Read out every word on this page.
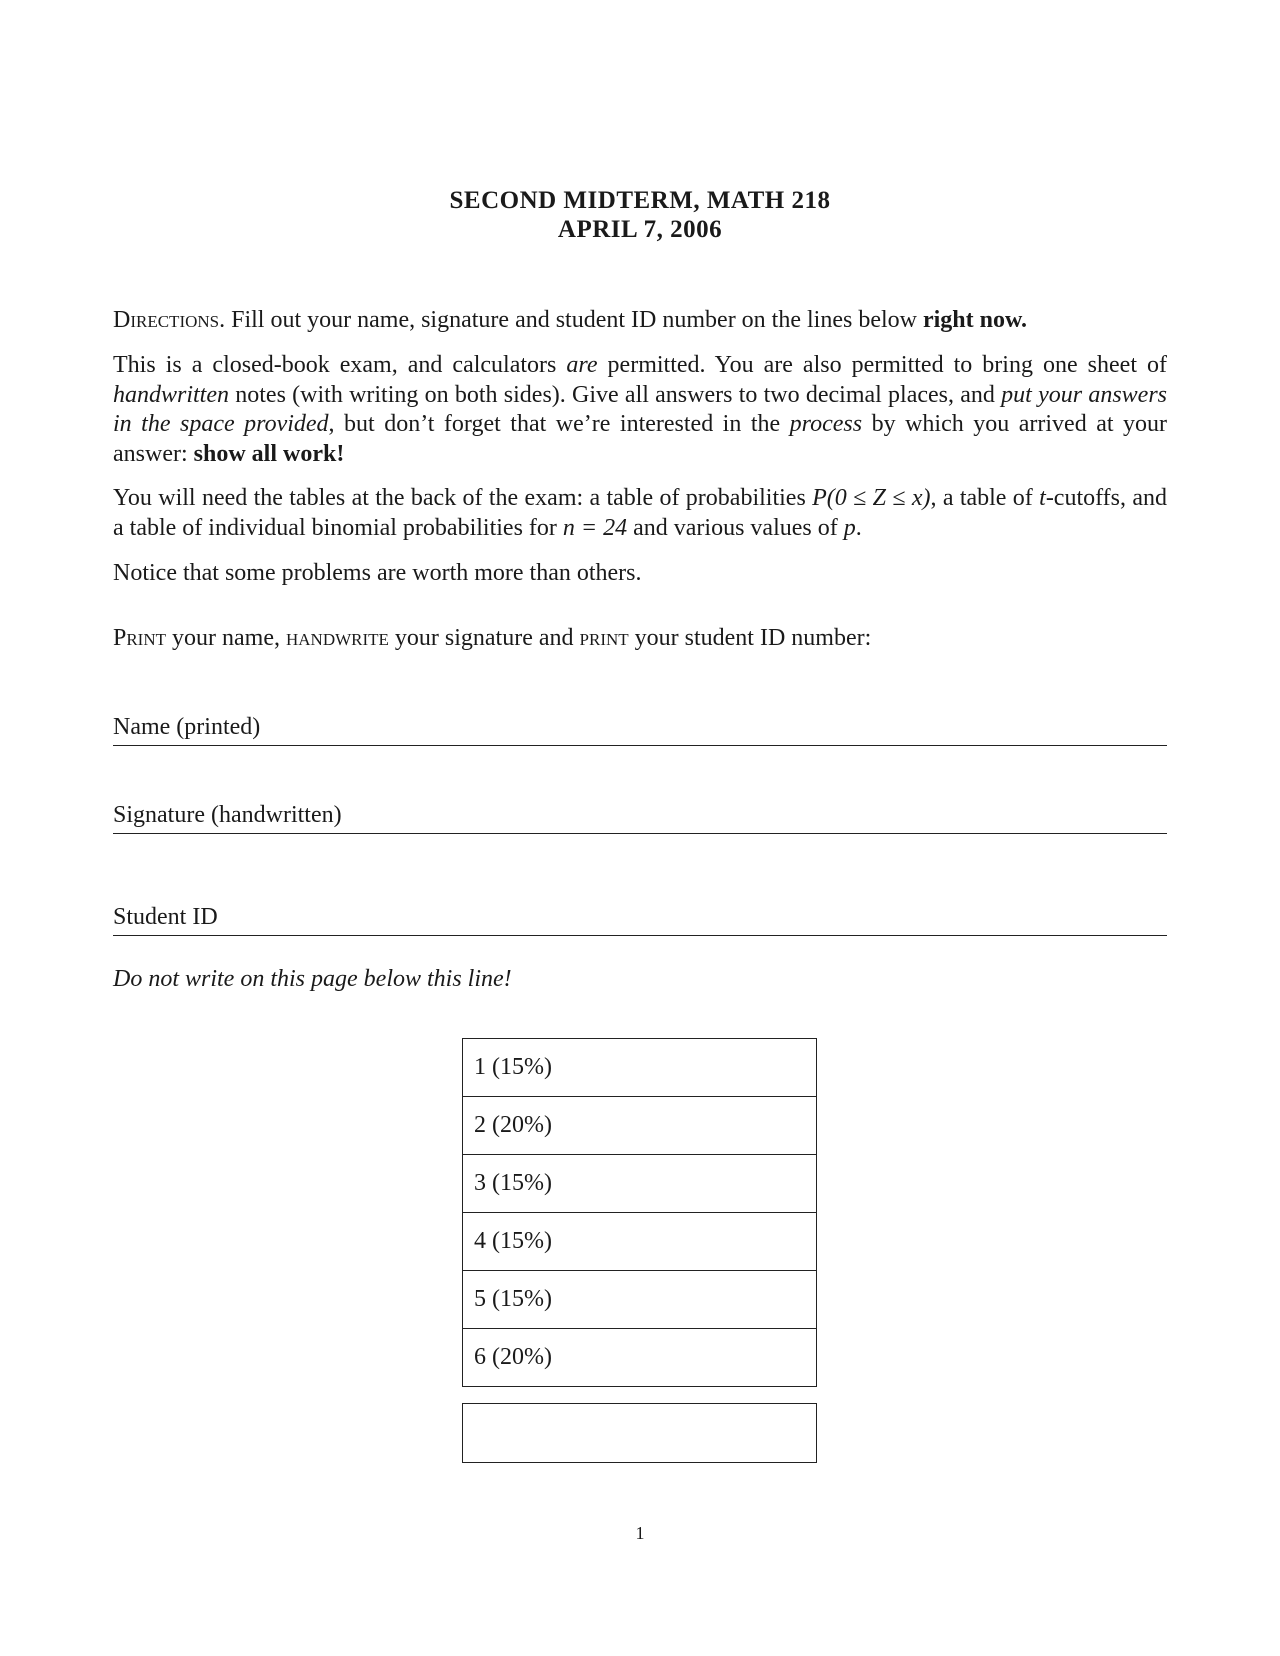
SECOND MIDTERM, MATH 218
APRIL 7, 2006
Directions. Fill out your name, signature and student ID number on the lines below right now.
This is a closed-book exam, and calculators are permitted. You are also permitted to bring one sheet of handwritten notes (with writing on both sides). Give all answers to two decimal places, and put your answers in the space provided, but don’t forget that we’re interested in the process by which you arrived at your answer: show all work!
You will need the tables at the back of the exam: a table of probabilities P(0 ≤ Z ≤ x), a table of t-cutoffs, and a table of individual binomial probabilities for n = 24 and various values of p.
Notice that some problems are worth more than others.
Print your name, handwrite your signature and print your student ID number:
Name (printed)
Signature (handwritten)
Student ID
Do not write on this page below this line!
1 (15%)
2 (20%)
3 (15%)
4 (15%)
5 (15%)
6 (20%)
1
